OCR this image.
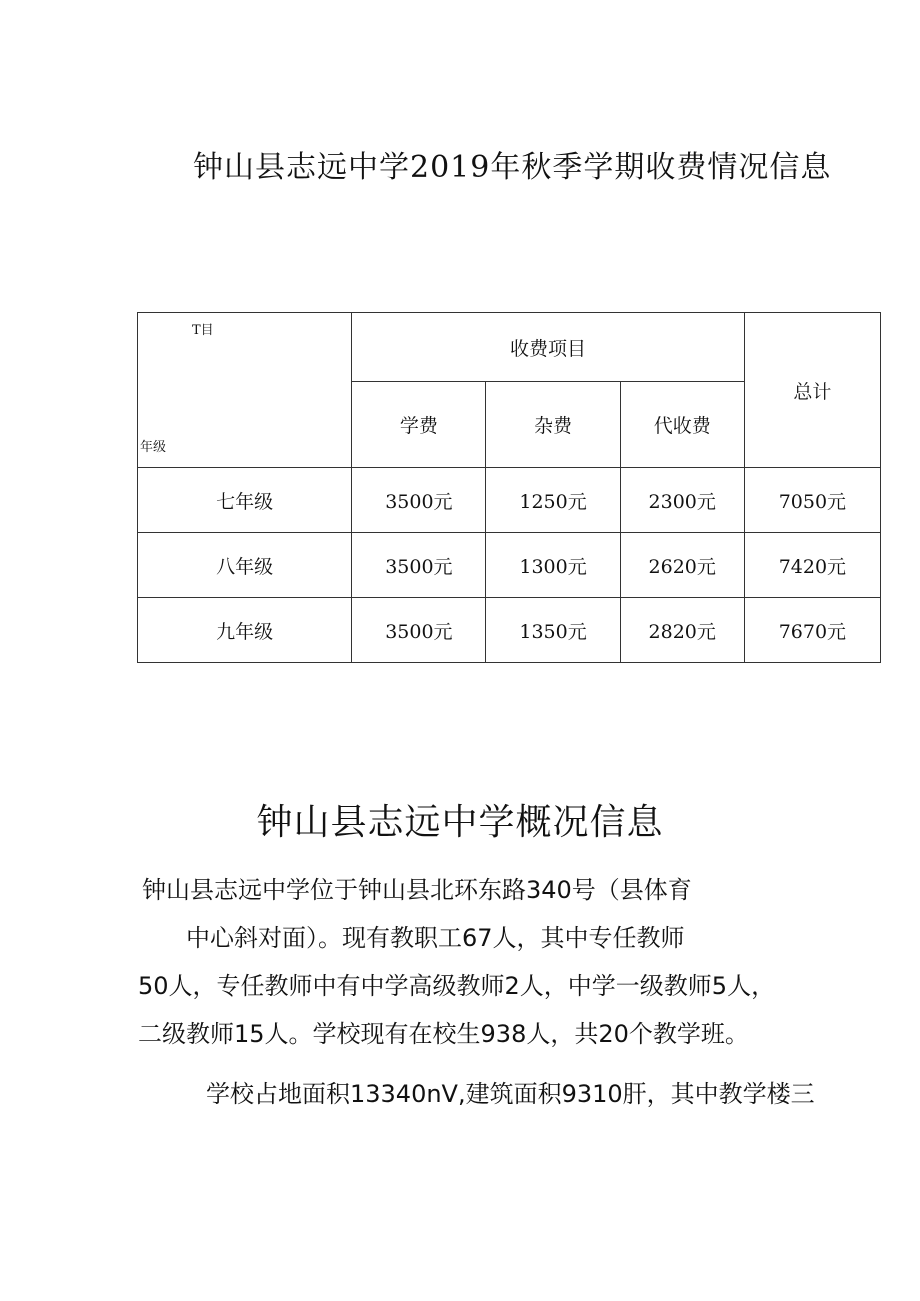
钟山县志远中学2019年秋季学期收费情况信息
T目
年级	收费项目			总计
	学费	杂费	代收费	
七年级	3500元	1250元	2300元	7050元
八年级	3500元	1300元	2620元	7420元
九年级	3500元	1350元	2820元	7670元
钟山县志远中学概况信息
钟山县志远中学位于钟山县北环东路340号（县体育
中心斜对面）。现有教职工67人，其中专任教师
50人，专任教师中有中学高级教师2人，中学一级教师5人，
二级教师15人。学校现有在校生938人，共20个教学班。
学校占地面积13340nV,建筑面积9310肝，其中教学楼三
